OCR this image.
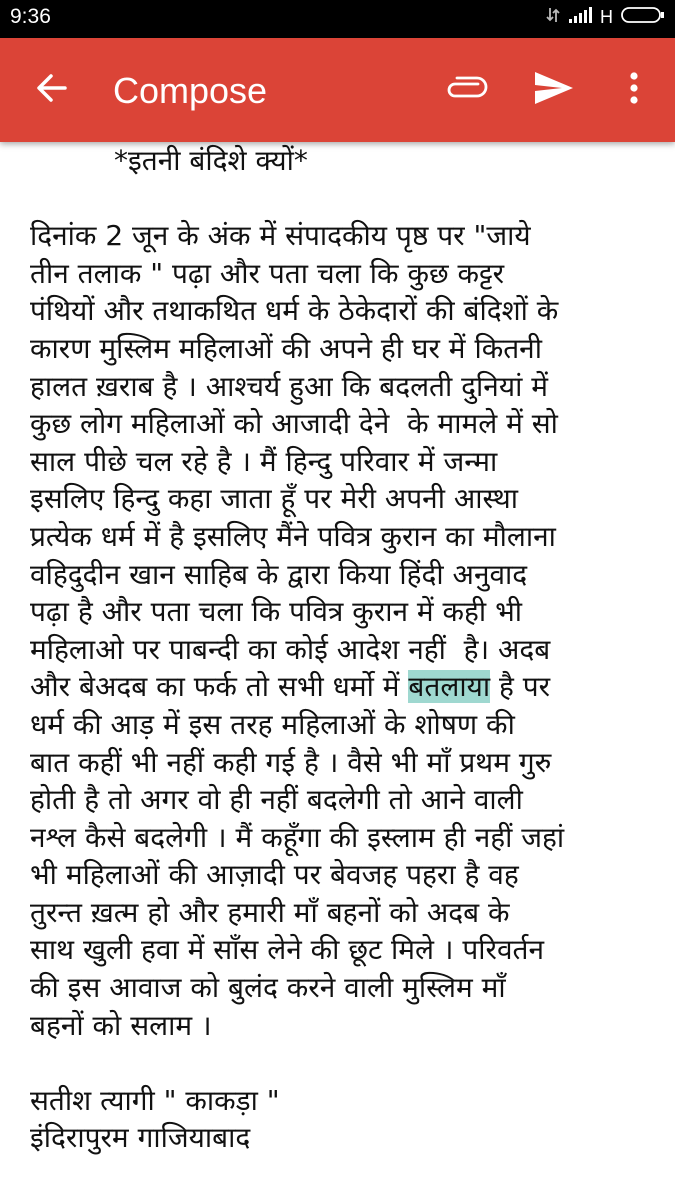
9:36	H
Compose
*इतनी बंदिशे क्यों*
दिनांक 2 जून के अंक में संपादकीय पृष्ठ पर "जाये
तीन तलाक " पढ़ा और पता चला कि कुछ कट्टर
पंथियों और तथाकथित धर्म के ठेकेदारों की बंदिशों के
कारण मुस्लिम महिलाओं की अपने ही घर में कितनी
हालत ख़राब है । आश्चर्य हुआ कि बदलती दुनियां में
कुछ लोग महिलाओं को आजादी देने  के मामले में सो
साल पीछे चल रहे है । मैं हिन्दु परिवार में जन्मा
इसलिए हिन्दु कहा जाता हूँ पर मेरी अपनी आस्था
प्रत्येक धर्म में है इसलिए मैंने पवित्र कुरान का मौलाना
वहिदुदीन खान साहिब के द्वारा किया हिंदी अनुवाद
पढ़ा है और पता चला कि पवित्र कुरान में कही भी
महिलाओ पर पाबन्दी का कोई आदेश नहीं  है। अदब
और बेअदब का फर्क तो सभी धर्मो में बतलाया है पर
धर्म की आड़ में इस तरह महिलाओं के शोषण की
बात कहीं भी नहीं कही गई है । वैसे भी माँ प्रथम गुरु
होती है तो अगर वो ही नहीं बदलेगी तो आने वाली
नश्ल कैसे बदलेगी । मैं कहूँगा की इस्लाम ही नहीं जहां
भी महिलाओं की आज़ादी पर बेवजह पहरा है वह
तुरन्त ख़त्म हो और हमारी माँ बहनों को अदब के
साथ खुली हवा में साँस लेने की छूट मिले । परिवर्तन
की इस आवाज को बुलंद करने वाली मुस्लिम माँ
बहनों को सलाम ।
सतीश त्यागी " काकड़ा "
इंदिरापुरम गाजियाबाद
